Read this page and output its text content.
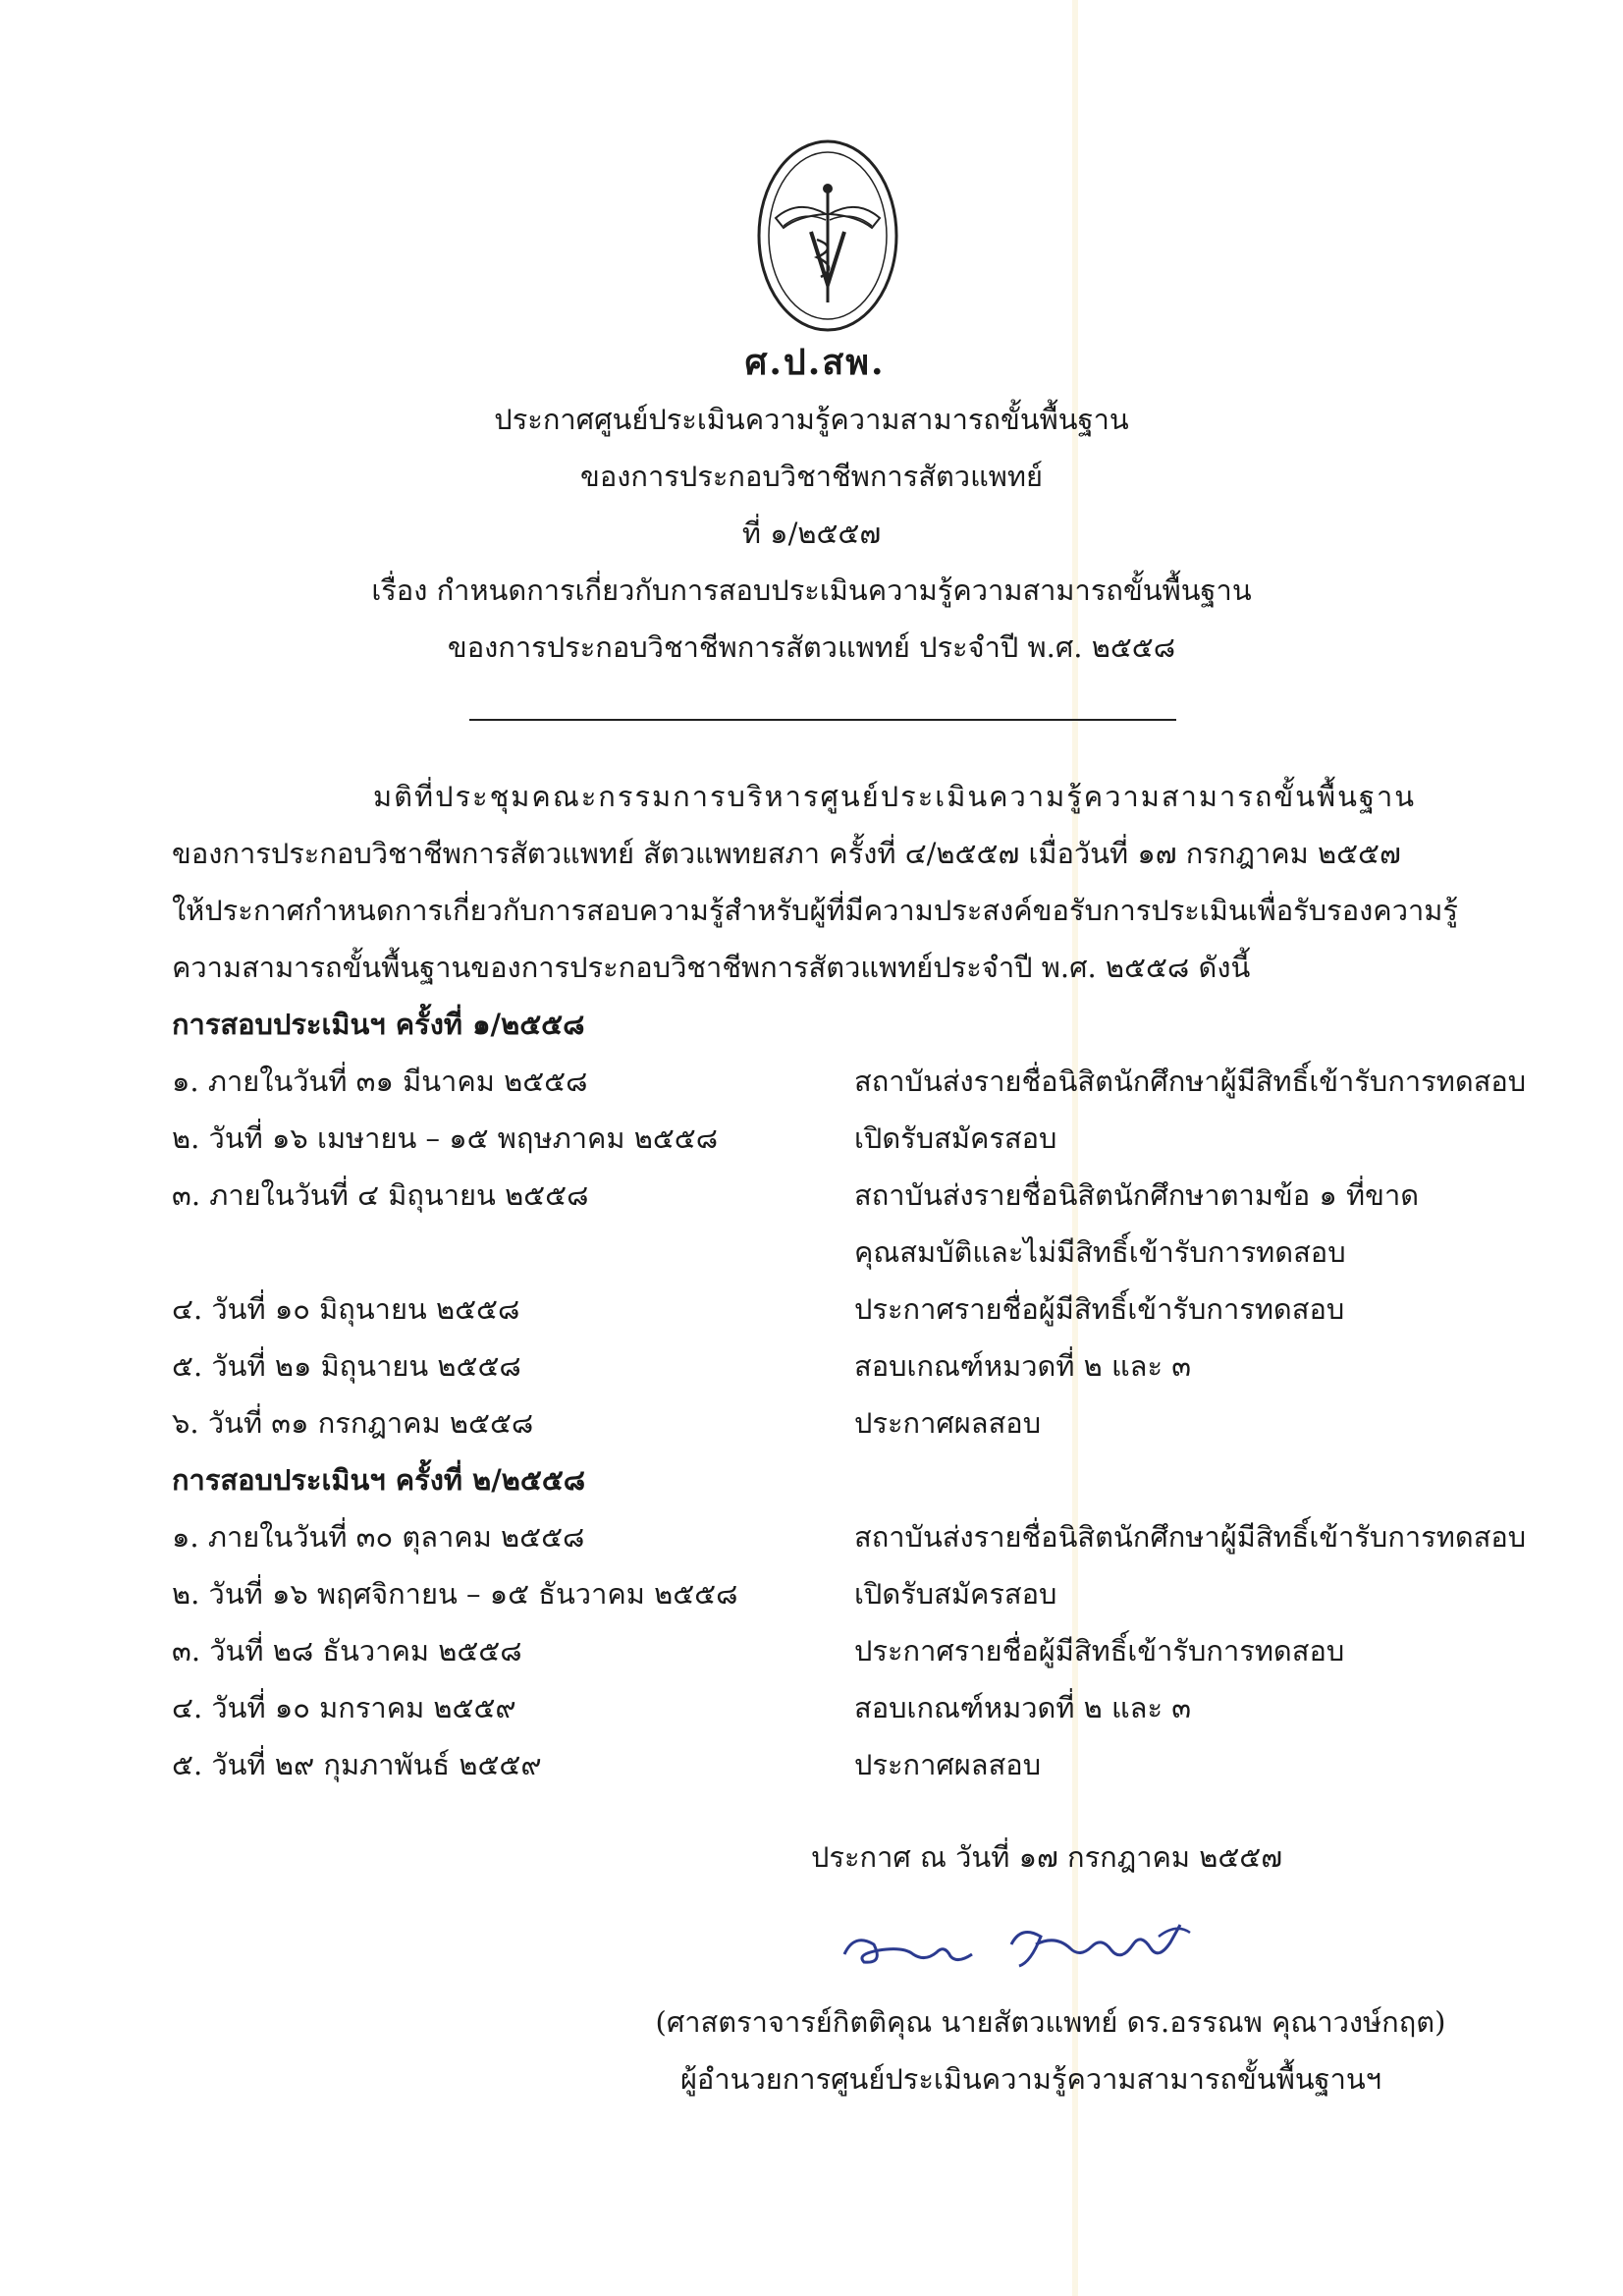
ศ.ป.สพ.
ประกาศศูนย์ประเมินความรู้ความสามารถขั้นพื้นฐาน
ของการประกอบวิชาชีพการสัตวแพทย์
ที่ ๑/๒๕๕๗
เรื่อง กำหนดการเกี่ยวกับการสอบประเมินความรู้ความสามารถขั้นพื้นฐาน
ของการประกอบวิชาชีพการสัตวแพทย์ ประจำปี พ.ศ. ๒๕๕๘
มติที่ประชุมคณะกรรมการบริหารศูนย์ประเมินความรู้ความสามารถขั้นพื้นฐาน
ของการประกอบวิชาชีพการสัตวแพทย์ สัตวแพทยสภา ครั้งที่ ๔/๒๕๕๗ เมื่อวันที่ ๑๗ กรกฎาคม ๒๕๕๗
ให้ประกาศกำหนดการเกี่ยวกับการสอบความรู้สำหรับผู้ที่มีความประสงค์ขอรับการประเมินเพื่อรับรองความรู้
ความสามารถขั้นพื้นฐานของการประกอบวิชาชีพการสัตวแพทย์ประจำปี พ.ศ. ๒๕๕๘ ดังนี้
การสอบประเมินฯ ครั้งที่ ๑/๒๕๕๘
๑. ภายในวันที่ ๓๑ มีนาคม ๒๕๕๘	สถาบันส่งรายชื่อนิสิตนักศึกษาผู้มีสิทธิ์เข้ารับการทดสอบ
๒. วันที่ ๑๖ เมษายน – ๑๕ พฤษภาคม ๒๕๕๘	เปิดรับสมัครสอบ
๓. ภายในวันที่ ๔ มิถุนายน ๒๕๕๘	สถาบันส่งรายชื่อนิสิตนักศึกษาตามข้อ ๑ ที่ขาด
คุณสมบัติและไม่มีสิทธิ์เข้ารับการทดสอบ
๔. วันที่ ๑๐ มิถุนายน ๒๕๕๘	ประกาศรายชื่อผู้มีสิทธิ์เข้ารับการทดสอบ
๕. วันที่ ๒๑ มิถุนายน ๒๕๕๘	สอบเกณฑ์หมวดที่ ๒ และ ๓
๖. วันที่ ๓๑ กรกฎาคม ๒๕๕๘	ประกาศผลสอบ
การสอบประเมินฯ ครั้งที่ ๒/๒๕๕๘
๑. ภายในวันที่ ๓๐ ตุลาคม ๒๕๕๘	สถาบันส่งรายชื่อนิสิตนักศึกษาผู้มีสิทธิ์เข้ารับการทดสอบ
๒. วันที่ ๑๖ พฤศจิกายน – ๑๕ ธันวาคม ๒๕๕๘	เปิดรับสมัครสอบ
๓. วันที่ ๒๘ ธันวาคม ๒๕๕๘	ประกาศรายชื่อผู้มีสิทธิ์เข้ารับการทดสอบ
๔. วันที่ ๑๐ มกราคม ๒๕๕๙	สอบเกณฑ์หมวดที่ ๒ และ ๓
๕. วันที่ ๒๙ กุมภาพันธ์ ๒๕๕๙	ประกาศผลสอบ
ประกาศ ณ วันที่ ๑๗ กรกฎาคม ๒๕๕๗
(ศาสตราจารย์กิตติคุณ นายสัตวแพทย์ ดร.อรรณพ คุณาวงษ์กฤต)
ผู้อำนวยการศูนย์ประเมินความรู้ความสามารถขั้นพื้นฐานฯ
